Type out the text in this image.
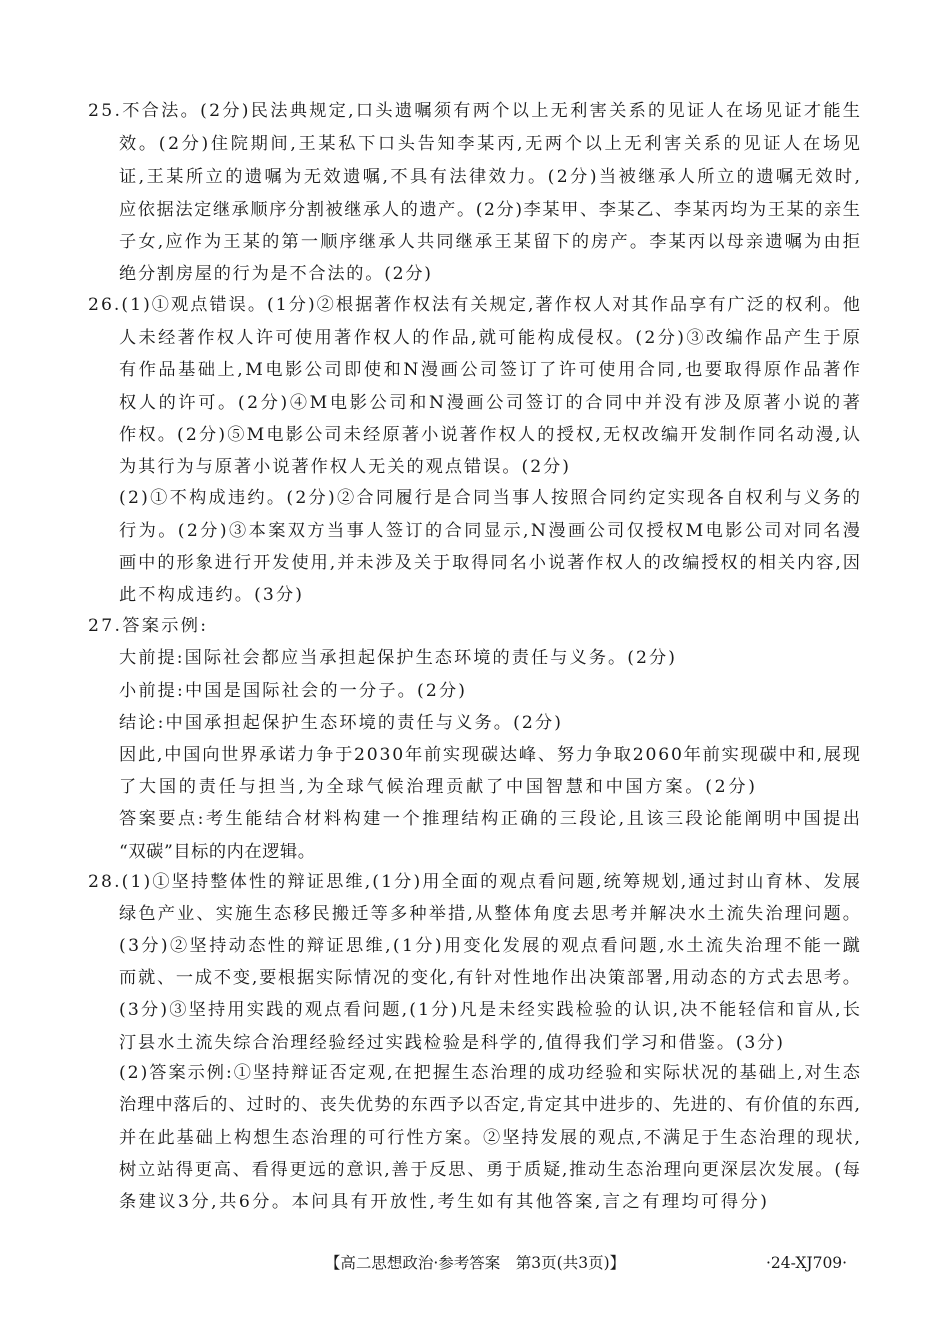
25.不合法。(2分)民法典规定,口头遗嘱须有两个以上无利害关系的见证人在场见证才能生
效。(2分)住院期间,王某私下口头告知李某丙,无两个以上无利害关系的见证人在场见
证,王某所立的遗嘱为无效遗嘱,不具有法律效力。(2分)当被继承人所立的遗嘱无效时,
应依据法定继承顺序分割被继承人的遗产。(2分)李某甲、李某乙、李某丙均为王某的亲生
子女,应作为王某的第一顺序继承人共同继承王某留下的房产。李某丙以母亲遗嘱为由拒
绝分割房屋的行为是不合法的。(2分)
26.(1)①观点错误。(1分)②根据著作权法有关规定,著作权人对其作品享有广泛的权利。他
人未经著作权人许可使用著作权人的作品,就可能构成侵权。(2分)③改编作品产生于原
有作品基础上,M电影公司即使和N漫画公司签订了许可使用合同,也要取得原作品著作
权人的许可。(2分)④M电影公司和N漫画公司签订的合同中并没有涉及原著小说的著
作权。(2分)⑤M电影公司未经原著小说著作权人的授权,无权改编开发制作同名动漫,认
为其行为与原著小说著作权人无关的观点错误。(2分)
(2)①不构成违约。(2分)②合同履行是合同当事人按照合同约定实现各自权利与义务的
行为。(2分)③本案双方当事人签订的合同显示,N漫画公司仅授权M电影公司对同名漫
画中的形象进行开发使用,并未涉及关于取得同名小说著作权人的改编授权的相关内容,因
此不构成违约。(3分)
27.答案示例:
大前提:国际社会都应当承担起保护生态环境的责任与义务。(2分)
小前提:中国是国际社会的一分子。(2分)
结论:中国承担起保护生态环境的责任与义务。(2分)
因此,中国向世界承诺力争于2030年前实现碳达峰、努力争取2060年前实现碳中和,展现
了大国的责任与担当,为全球气候治理贡献了中国智慧和中国方案。(2分)
答案要点:考生能结合材料构建一个推理结构正确的三段论,且该三段论能阐明中国提出
“双碳”目标的内在逻辑。
28.(1)①坚持整体性的辩证思维,(1分)用全面的观点看问题,统筹规划,通过封山育林、发展
绿色产业、实施生态移民搬迁等多种举措,从整体角度去思考并解决水土流失治理问题。
(3分)②坚持动态性的辩证思维,(1分)用变化发展的观点看问题,水土流失治理不能一蹴
而就、一成不变,要根据实际情况的变化,有针对性地作出决策部署,用动态的方式去思考。
(3分)③坚持用实践的观点看问题,(1分)凡是未经实践检验的认识,决不能轻信和盲从,长
汀县水土流失综合治理经验经过实践检验是科学的,值得我们学习和借鉴。(3分)
(2)答案示例:①坚持辩证否定观,在把握生态治理的成功经验和实际状况的基础上,对生态
治理中落后的、过时的、丧失优势的东西予以否定,肯定其中进步的、先进的、有价值的东西,
并在此基础上构想生态治理的可行性方案。②坚持发展的观点,不满足于生态治理的现状,
树立站得更高、看得更远的意识,善于反思、勇于质疑,推动生态治理向更深层次发展。(每
条建议3分,共6分。本问具有开放性,考生如有其他答案,言之有理均可得分)
【高二思想政治·参考答案　第3页(共3页)】	·24-XJ709·
